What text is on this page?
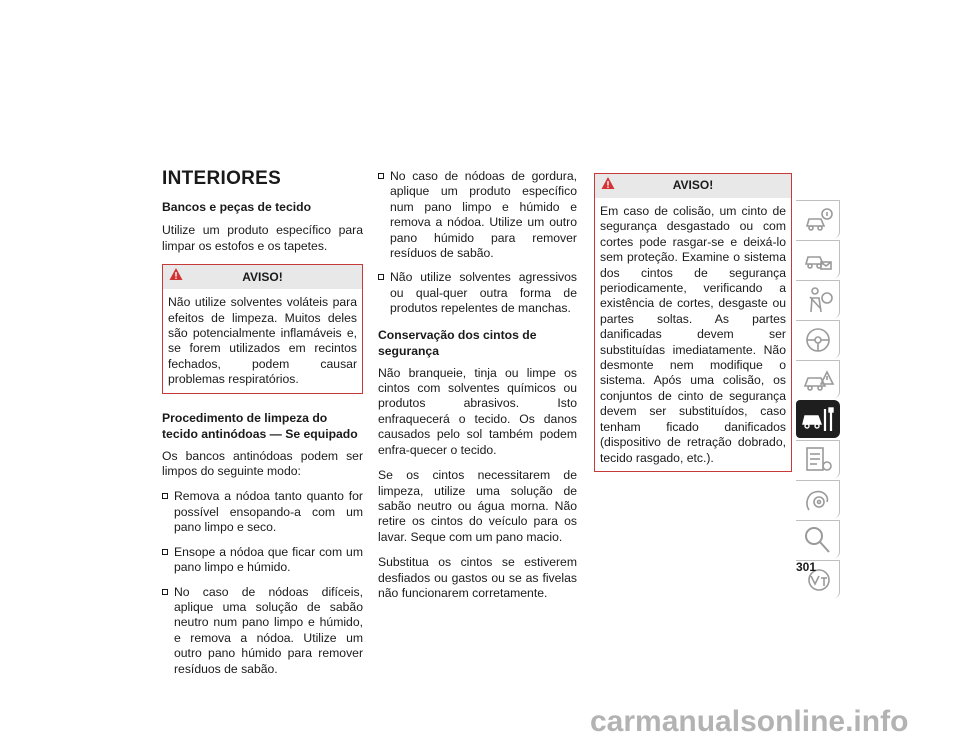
INTERIORES
Bancos e peças de tecido

Utilize um produto específico para limpar os estofos e os tapetes.

AVISO!
Não utilize solventes voláteis para efeitos de limpeza. Muitos deles são potencialmente inflamáveis e, se forem utilizados em recintos fechados, podem causar problemas respiratórios.
Procedimento de limpeza do tecido antinódoas — Se equipado

Os bancos antinódoas podem ser limpos do seguinte modo:

Remova a nódoa tanto quanto for possível ensopando-a com um pano limpo e seco.
Ensope a nódoa que ficar com um pano limpo e húmido.
No caso de nódoas difíceis, aplique uma solução de sabão neutro num pano limpo e húmido, e remova a nódoa. Utilize um outro pano húmido para remover resíduos de sabão.
No caso de nódoas de gordura, aplique um produto específico num pano limpo e húmido e remova a nódoa. Utilize um outro pano húmido para remover resíduos de sabão.
Não utilize solventes agressivos ou qual-quer outra forma de produtos repelentes de manchas.
Conservação dos cintos de segurança

Não branqueie, tinja ou limpe os cintos com solventes químicos ou produtos abrasivos. Isto enfraquecerá o tecido. Os danos causados pelo sol também podem enfra-quecer o tecido.

Se os cintos necessitarem de limpeza, utilize uma solução de sabão neutro ou água morna. Não retire os cintos do veículo para os lavar. Seque com um pano macio.

Substitua os cintos se estiverem desfiados ou gastos ou se as fivelas não funcionarem corretamente.

AVISO!
Em caso de colisão, um cinto de segurança desgastado ou com cortes pode rasgar-se e deixá-lo sem proteção. Examine o sistema dos cintos de segurança periodicamente, verificando a existência de cortes, desgaste ou partes soltas. As partes danificadas devem ser substituídas imediatamente. Não desmonte nem modifique o sistema. Após uma colisão, os conjuntos de cinto de segurança devem ser substituídos, caso tenham ficado danificados (dispositivo de retração dobrado, tecido rasgado, etc.).
301
carmanualsonline.info
